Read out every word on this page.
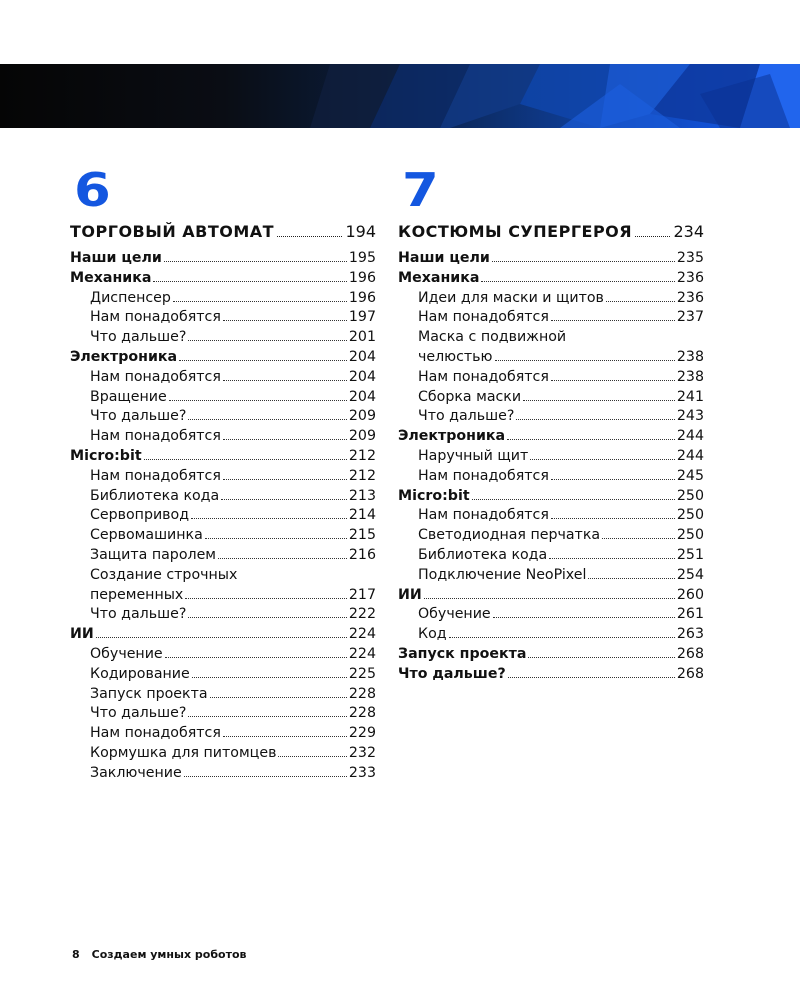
6
ТОРГОВЫЙ АВТОМАТ	194
Наши цели	195
Механика	196
Диспенсер	196
Нам понадобятся	197
Что дальше?	201
Электроника	204
Нам понадобятся	204
Вращение	204
Что дальше?	209
Нам понадобятся	209
Micro:bit	212
Нам понадобятся	212
Библиотека кода	213
Сервопривод	214
Сервомашинка	215
Защита паролем	216
Создание строчных
переменных	217
Что дальше?	222
ИИ	224
Обучение	224
Кодирование	225
Запуск проекта	228
Что дальше?	228
Нам понадобятся	229
Кормушка для питомцев	232
Заключение	233
7
КОСТЮМЫ СУПЕРГЕРОЯ	234
Наши цели	235
Механика	236
Идеи для маски и щитов	236
Нам понадобятся	237
Маска с подвижной
челюстью	238
Нам понадобятся	238
Сборка маски	241
Что дальше?	243
Электроника	244
Наручный щит	244
Нам понадобятся	245
Micro:bit	250
Нам понадобятся	250
Светодиодная перчатка	250
Библиотека кода	251
Подключение NeoPixel	254
ИИ	260
Обучение	261
Код	263
Запуск проекта	268
Что дальше?	268
8 Создаем умных роботов
